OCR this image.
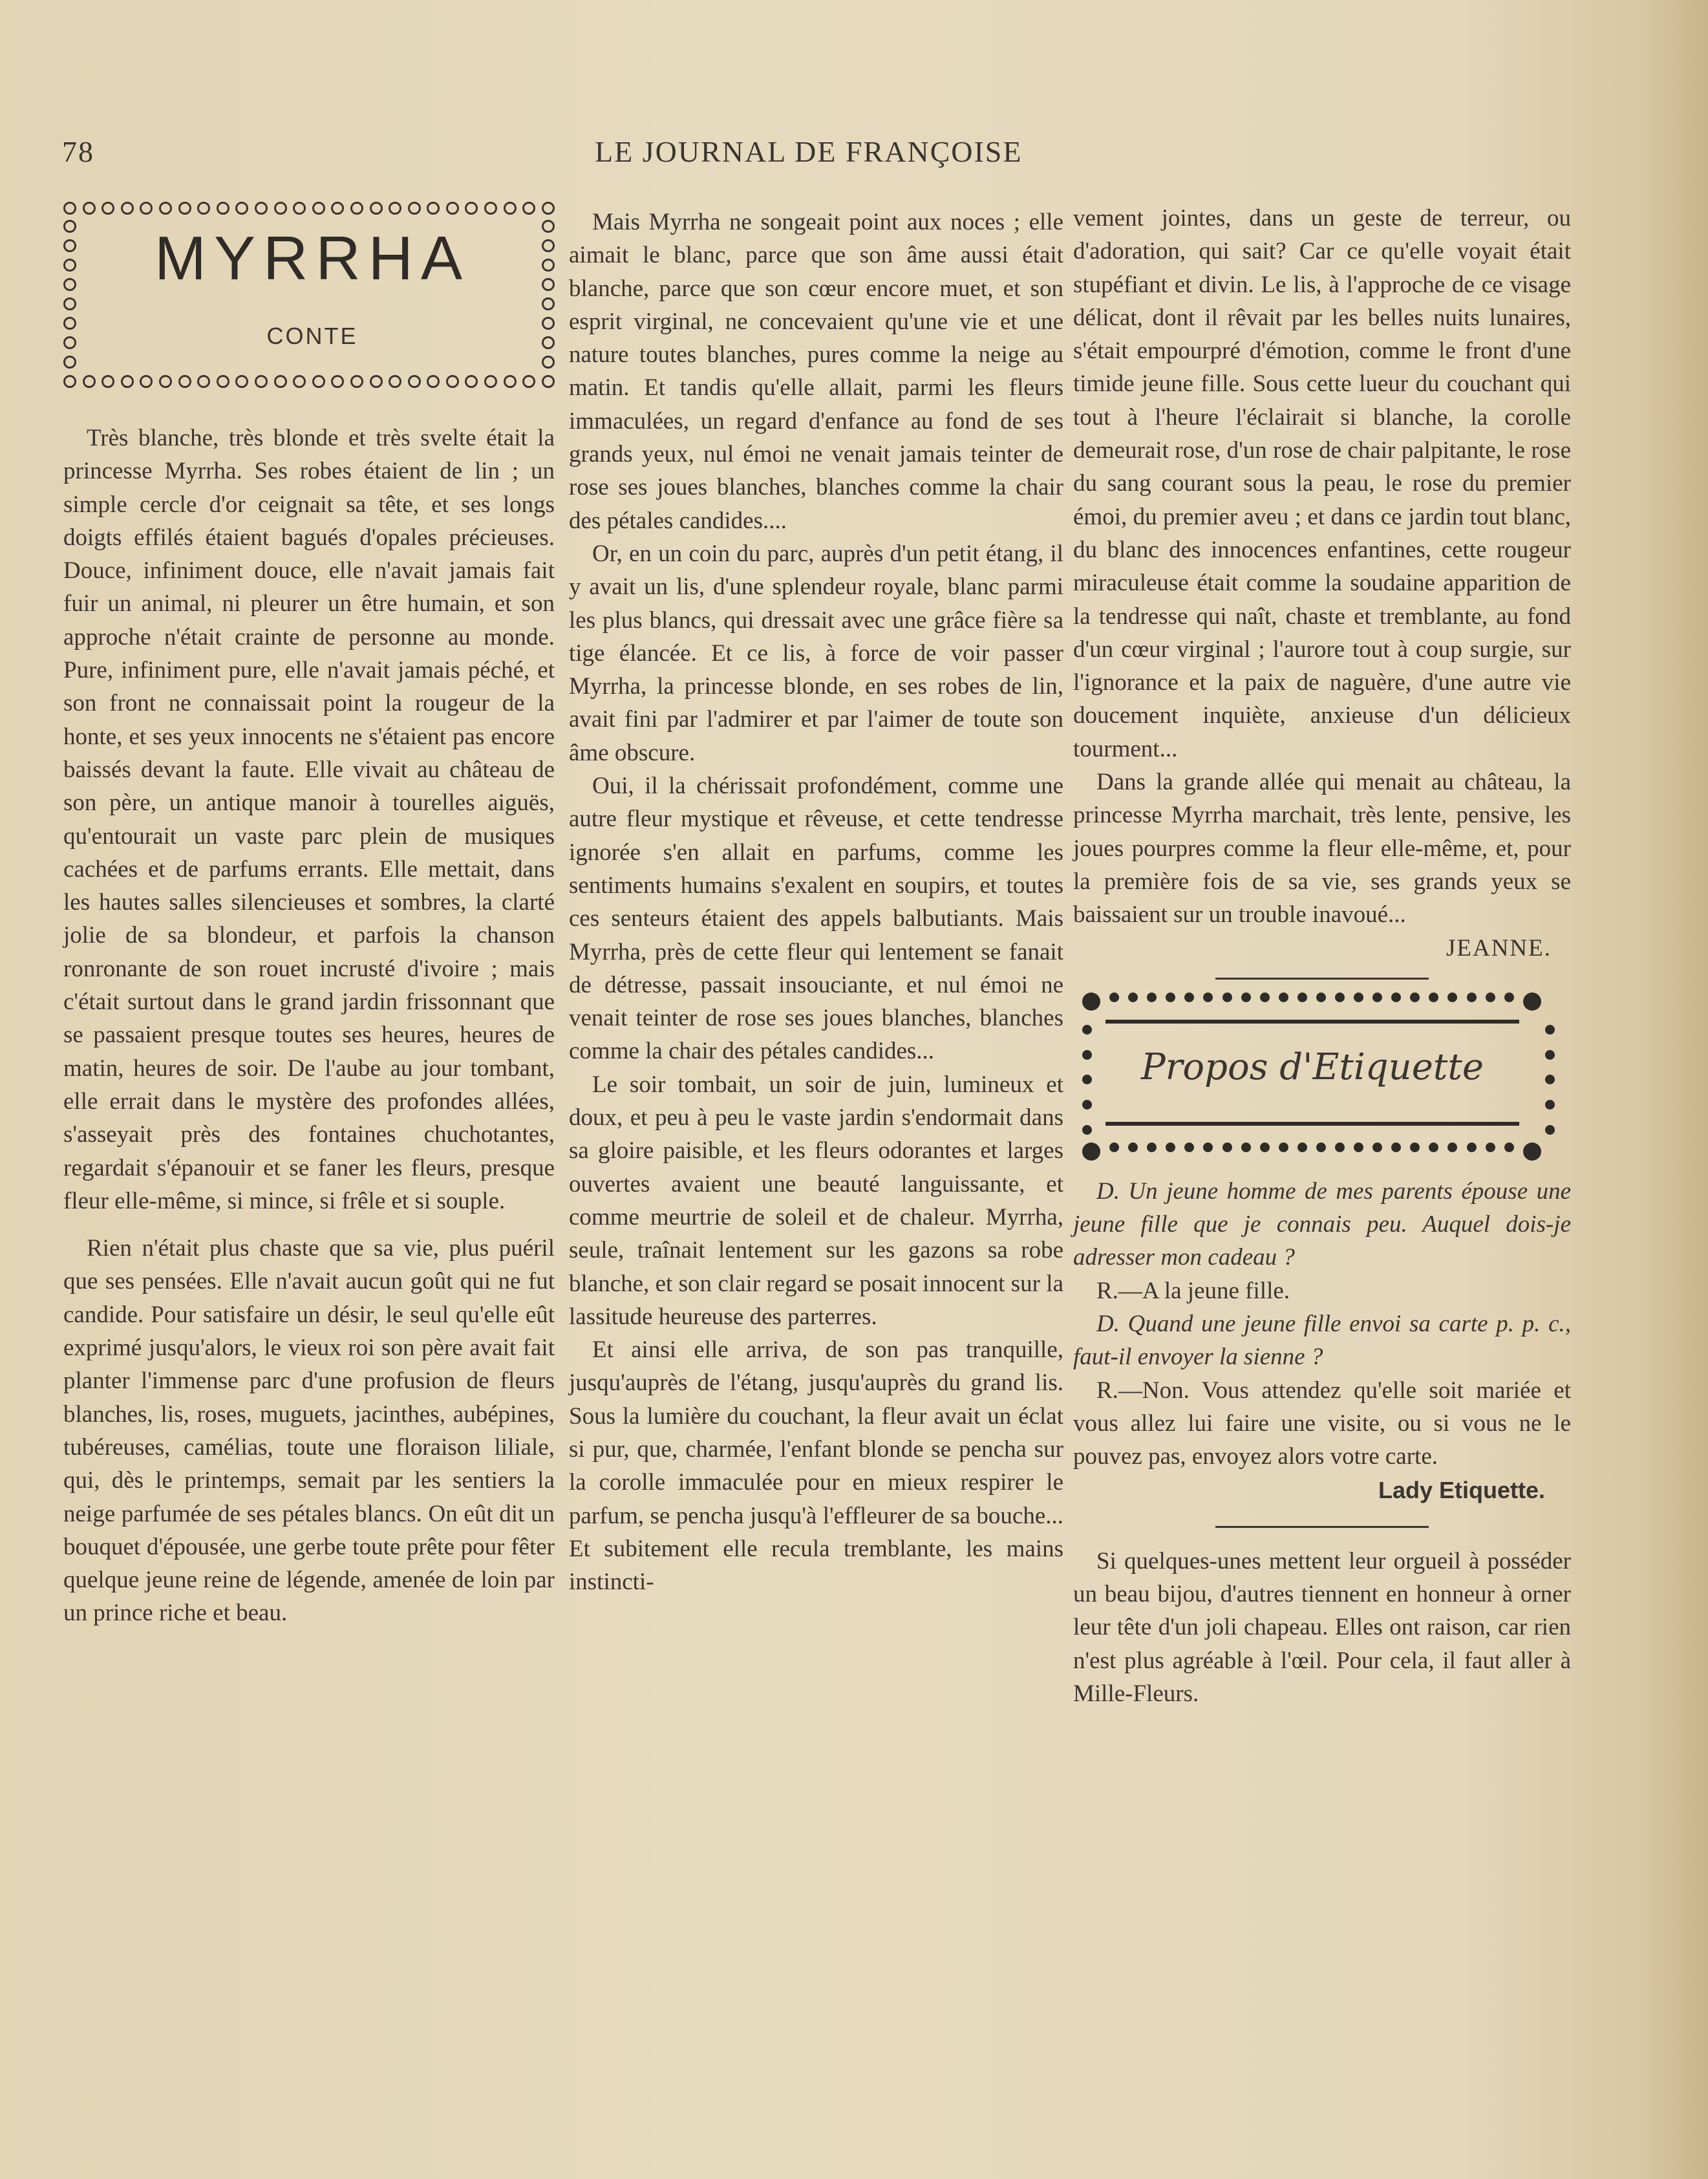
78	LE JOURNAL DE FRANÇOISE
MYRRHA
CONTE

Très blanche, très blonde et très svelte était la princesse Myrrha. Ses robes étaient de lin ; un simple cercle d'or ceignait sa tête, et ses longs doigts effilés étaient bagués d'opales précieuses. Douce, infiniment douce, elle n'avait jamais fait fuir un animal, ni pleurer un être humain, et son approche n'était crainte de personne au monde. Pure, infiniment pure, elle n'avait jamais péché, et son front ne connaissait point la rougeur de la honte, et ses yeux innocents ne s'étaient pas encore baissés devant la faute. Elle vivait au château de son père, un antique manoir à tourelles aiguës, qu'entourait un vaste parc plein de musiques cachées et de parfums errants. Elle mettait, dans les hautes salles silencieuses et sombres, la clarté jolie de sa blondeur, et parfois la chanson ronronante de son rouet incrusté d'ivoire ; mais c'était surtout dans le grand jardin frissonnant que se passaient presque toutes ses heures, heures de matin, heures de soir. De l'aube au jour tombant, elle errait dans le mystère des profondes allées, s'asseyait près des fontaines chuchotantes, regardait s'épanouir et se faner les fleurs, presque fleur elle-même, si mince, si frêle et si souple.

Rien n'était plus chaste que sa vie, plus puéril que ses pensées. Elle n'avait aucun goût qui ne fut candide. Pour satisfaire un désir, le seul qu'elle eût exprimé jusqu'alors, le vieux roi son père avait fait planter l'immense parc d'une profusion de fleurs blanches, lis, roses, muguets, jacinthes, aubépines, tubéreuses, camélias, toute une floraison liliale, qui, dès le printemps, semait par les sentiers la neige parfumée de ses pétales blancs. On eût dit un bouquet d'épousée, une gerbe toute prête pour fêter quelque jeune reine de légende, amenée de loin par un prince riche et beau.

Mais Myrrha ne songeait point aux noces ; elle aimait le blanc, parce que son âme aussi était blanche, parce que son cœur encore muet, et son esprit virginal, ne concevaient qu'une vie et une nature toutes blanches, pures comme la neige au matin. Et tandis qu'elle allait, parmi les fleurs immaculées, un regard d'enfance au fond de ses grands yeux, nul émoi ne venait jamais teinter de rose ses joues blanches, blanches comme la chair des pétales candides....

Or, en un coin du parc, auprès d'un petit étang, il y avait un lis, d'une splendeur royale, blanc parmi les plus blancs, qui dressait avec une grâce fière sa tige élancée. Et ce lis, à force de voir passer Myrrha, la princesse blonde, en ses robes de lin, avait fini par l'admirer et par l'aimer de toute son âme obscure.

Oui, il la chérissait profondément, comme une autre fleur mystique et rêveuse, et cette tendresse ignorée s'en allait en parfums, comme les sentiments humains s'exalent en soupirs, et toutes ces senteurs étaient des appels balbutiants. Mais Myrrha, près de cette fleur qui lentement se fanait de détresse, passait insouciante, et nul émoi ne venait teinter de rose ses joues blanches, blanches comme la chair des pétales candides...

Le soir tombait, un soir de juin, lumineux et doux, et peu à peu le vaste jardin s'endormait dans sa gloire paisible, et les fleurs odorantes et larges ouvertes avaient une beauté languissante, et comme meurtrie de soleil et de chaleur. Myrrha, seule, traînait lentement sur les gazons sa robe blanche, et son clair regard se posait innocent sur la lassitude heureuse des parterres.

Et ainsi elle arriva, de son pas tranquille, jusqu'auprès de l'étang, jusqu'auprès du grand lis. Sous la lumière du couchant, la fleur avait un éclat si pur, que, charmée, l'enfant blonde se pencha sur la corolle immaculée pour en mieux respirer le parfum, se pencha jusqu'à l'effleurer de sa bouche... Et subitement elle recula tremblante, les mains instincti-

vement jointes, dans un geste de terreur, ou d'adoration, qui sait? Car ce qu'elle voyait était stupéfiant et divin. Le lis, à l'approche de ce visage délicat, dont il rêvait par les belles nuits lunaires, s'était empourpré d'émotion, comme le front d'une timide jeune fille. Sous cette lueur du couchant qui tout à l'heure l'éclairait si blanche, la corolle demeurait rose, d'un rose de chair palpitante, le rose du sang courant sous la peau, le rose du premier émoi, du premier aveu ; et dans ce jardin tout blanc, du blanc des innocences enfantines, cette rougeur miraculeuse était comme la soudaine apparition de la tendresse qui naît, chaste et tremblante, au fond d'un cœur virginal ; l'aurore tout à coup surgie, sur l'ignorance et la paix de naguère, d'une autre vie doucement inquiète, anxieuse d'un délicieux tourment...

Dans la grande allée qui menait au château, la princesse Myrrha marchait, très lente, pensive, les joues pourpres comme la fleur elle-même, et, pour la première fois de sa vie, ses grands yeux se baissaient sur un trouble inavoué...

JEANNE.
Propos d'Etiquette

D. Un jeune homme de mes parents épouse une jeune fille que je connais peu. Auquel dois-je adresser mon cadeau ?

R.—A la jeune fille.

D. Quand une jeune fille envoi sa carte p. p. c., faut-il envoyer la sienne ?

R.—Non. Vous attendez qu'elle soit mariée et vous allez lui faire une visite, ou si vous ne le pouvez pas, envoyez alors votre carte.

Lady Etiquette.

Si quelques-unes mettent leur orgueil à posséder un beau bijou, d'autres tiennent en honneur à orner leur tête d'un joli chapeau. Elles ont raison, car rien n'est plus agréable à l'œil. Pour cela, il faut aller à Mille-Fleurs.
